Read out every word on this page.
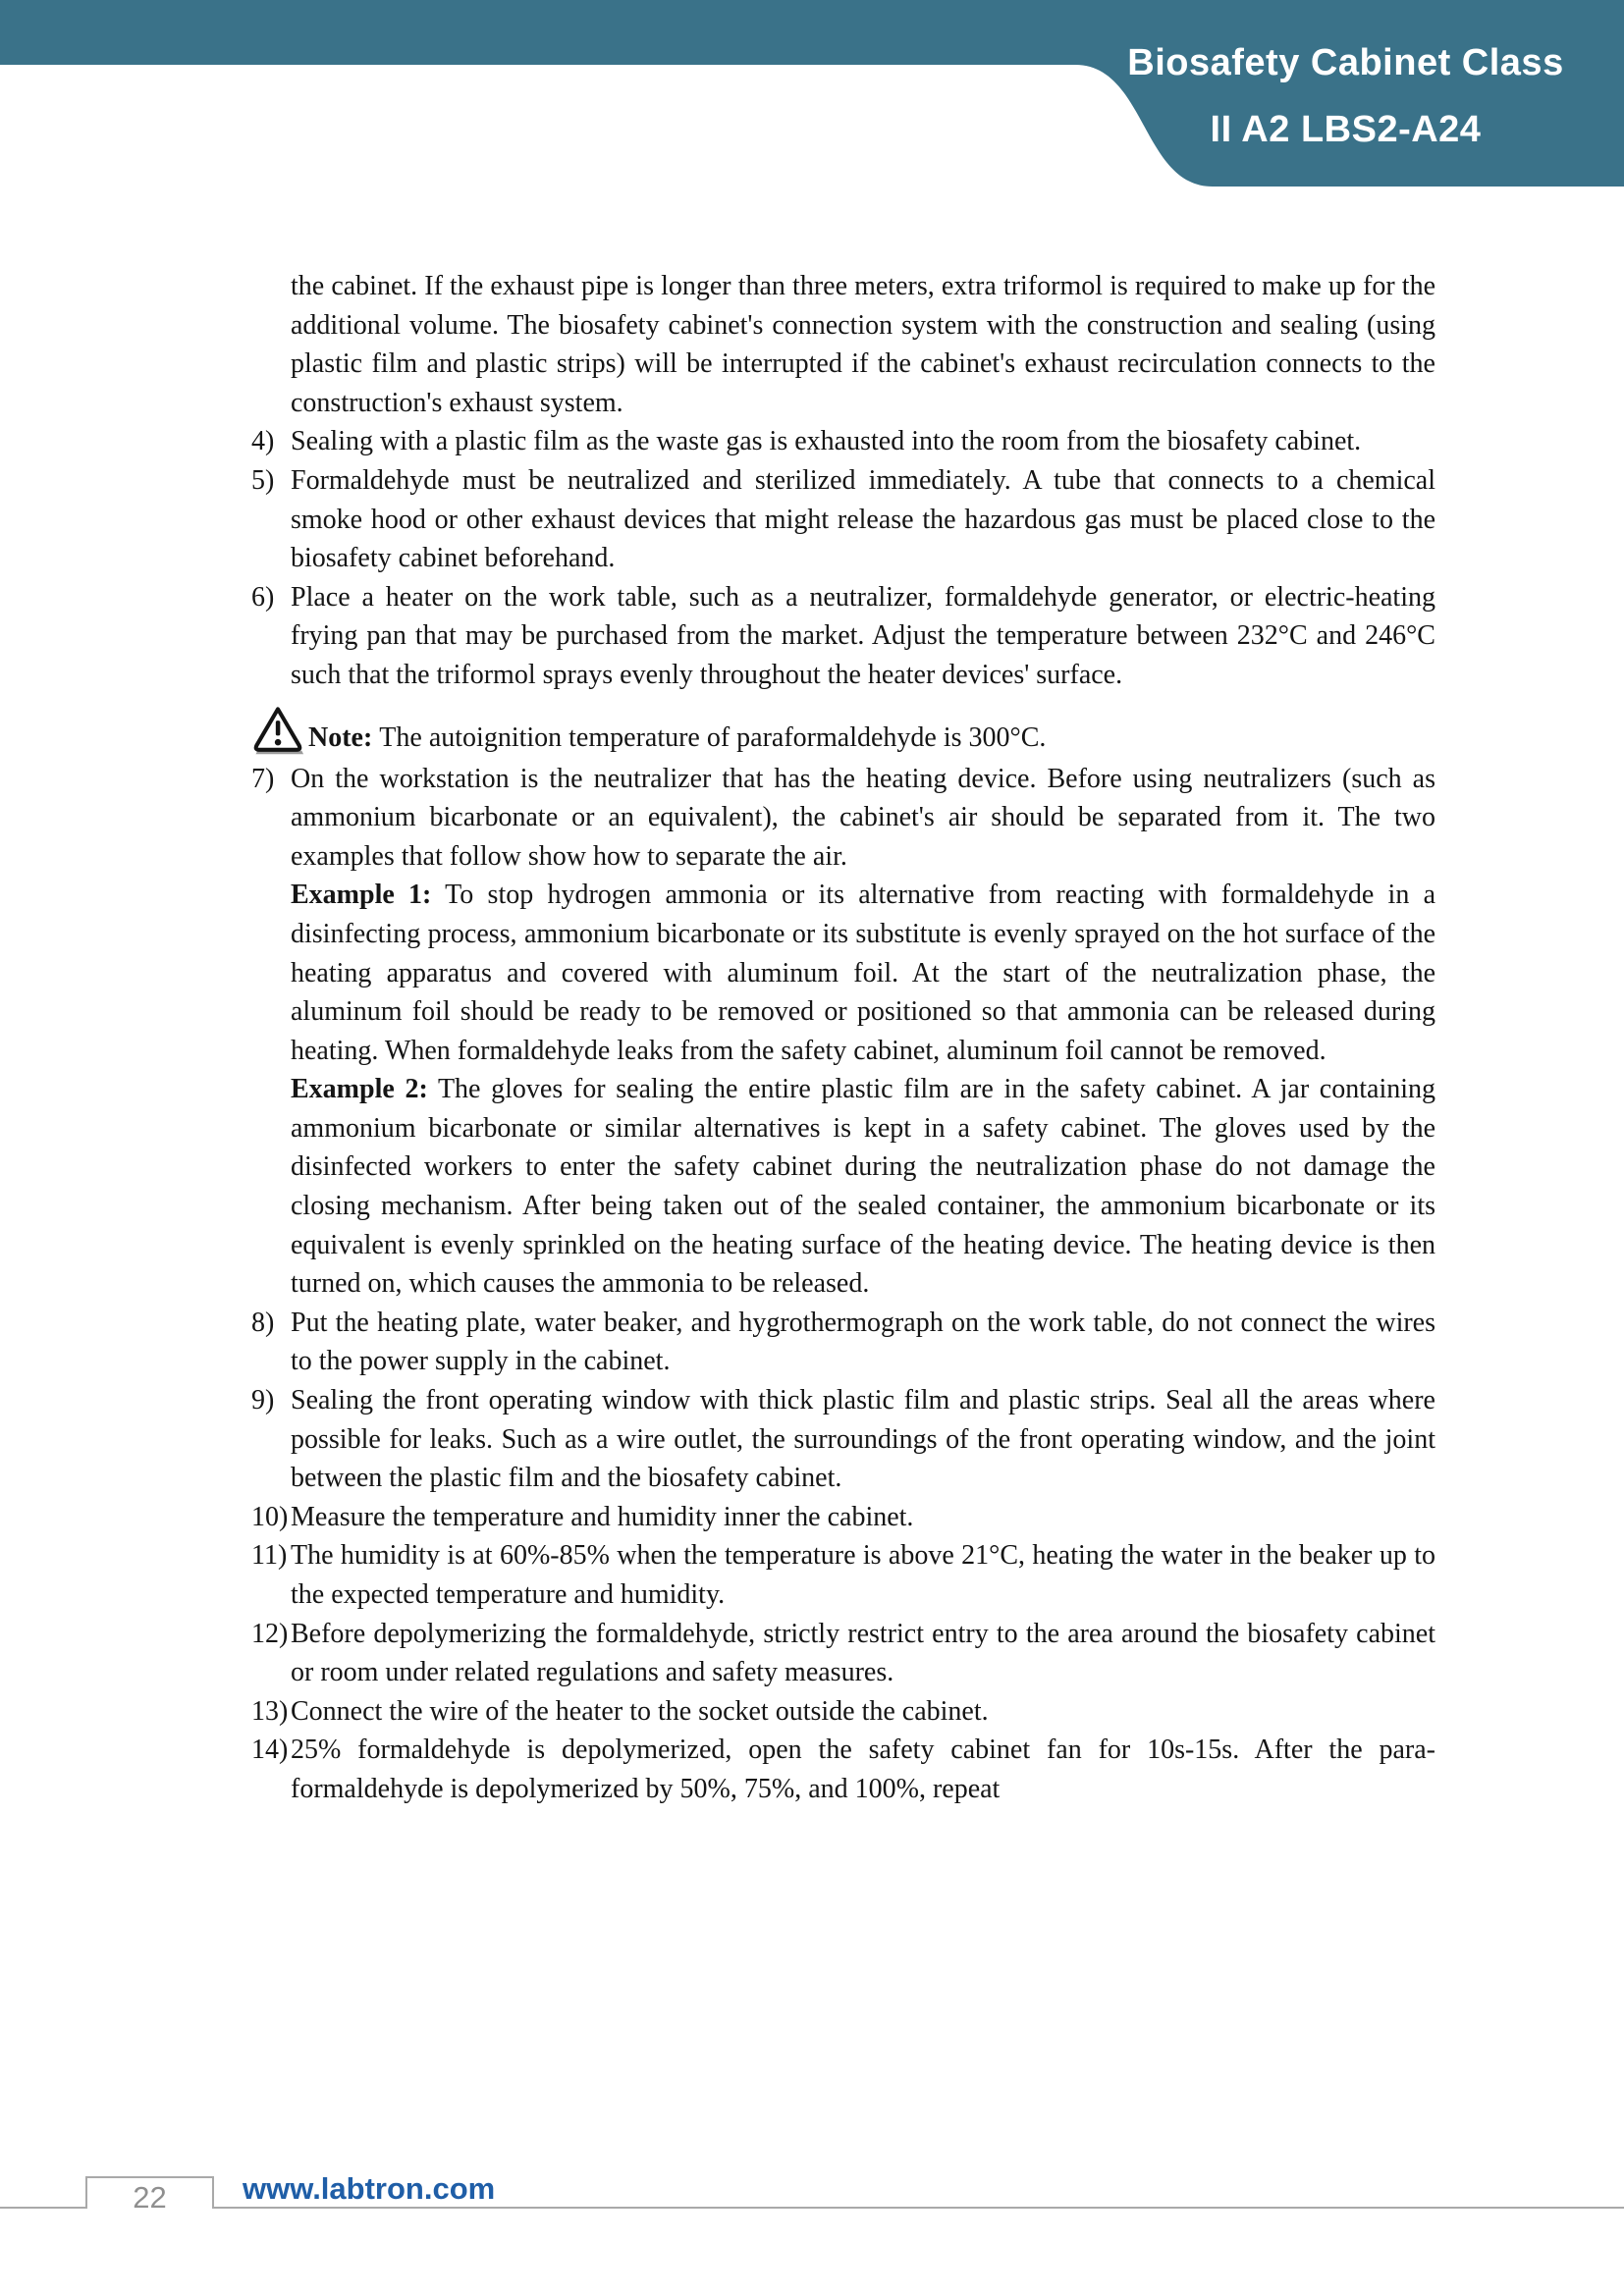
Biosafety Cabinet Class
II A2 LBS2-A24

the cabinet. If the exhaust pipe is longer than three meters, extra triformol is required to make up for the additional volume. The biosafety cabinet's connection system with the construction and sealing (using plastic film and plastic strips) will be interrupted if the cabinet's exhaust recirculation connects to the construction's exhaust system.

4) Sealing with a plastic film as the waste gas is exhausted into the room from the biosafety cabinet.

5) Formaldehyde must be neutralized and sterilized immediately. A tube that connects to a chemical smoke hood or other exhaust devices that might release the hazardous gas must be placed close to the biosafety cabinet beforehand.

6) Place a heater on the work table, such as a neutralizer, formaldehyde generator, or electric-heating frying pan that may be purchased from the market. Adjust the temperature between 232°C and 246°C such that the triformol sprays evenly throughout the heater devices' surface.

Note: The autoignition temperature of paraformaldehyde is 300°C.

7) On the workstation is the neutralizer that has the heating device. Before using neutralizers (such as ammonium bicarbonate or an equivalent), the cabinet's air should be separated from it. The two examples that follow show how to separate the air.

Example 1: To stop hydrogen ammonia or its alternative from reacting with formaldehyde in a disinfecting process, ammonium bicarbonate or its substitute is evenly sprayed on the hot surface of the heating apparatus and covered with aluminum foil. At the start of the neutralization phase, the aluminum foil should be ready to be removed or positioned so that ammonia can be released during heating. When formaldehyde leaks from the safety cabinet, aluminum foil cannot be removed.

Example 2: The gloves for sealing the entire plastic film are in the safety cabinet. A jar containing ammonium bicarbonate or similar alternatives is kept in a safety cabinet. The gloves used by the disinfected workers to enter the safety cabinet during the neutralization phase do not damage the closing mechanism. After being taken out of the sealed container, the ammonium bicarbonate or its equivalent is evenly sprinkled on the heating surface of the heating device. The heating device is then turned on, which causes the ammonia to be released.

8) Put the heating plate, water beaker, and hygrothermograph on the work table, do not connect the wires to the power supply in the cabinet.

9) Sealing the front operating window with thick plastic film and plastic strips. Seal all the areas where possible for leaks. Such as a wire outlet, the surroundings of the front operating window, and the joint between the plastic film and the biosafety cabinet.

10) Measure the temperature and humidity inner the cabinet.

11) The humidity is at 60%-85% when the temperature is above 21°C, heating the water in the beaker up to the expected temperature and humidity.

12) Before depolymerizing the formaldehyde, strictly restrict entry to the area around the biosafety cabinet or room under related regulations and safety measures.

13) Connect the wire of the heater to the socket outside the cabinet.

14) 25% formaldehyde is depolymerized, open the safety cabinet fan for 10s-15s. After the para-formaldehyde is depolymerized by 50%, 75%, and 100%, repeat

22	www.labtron.com
